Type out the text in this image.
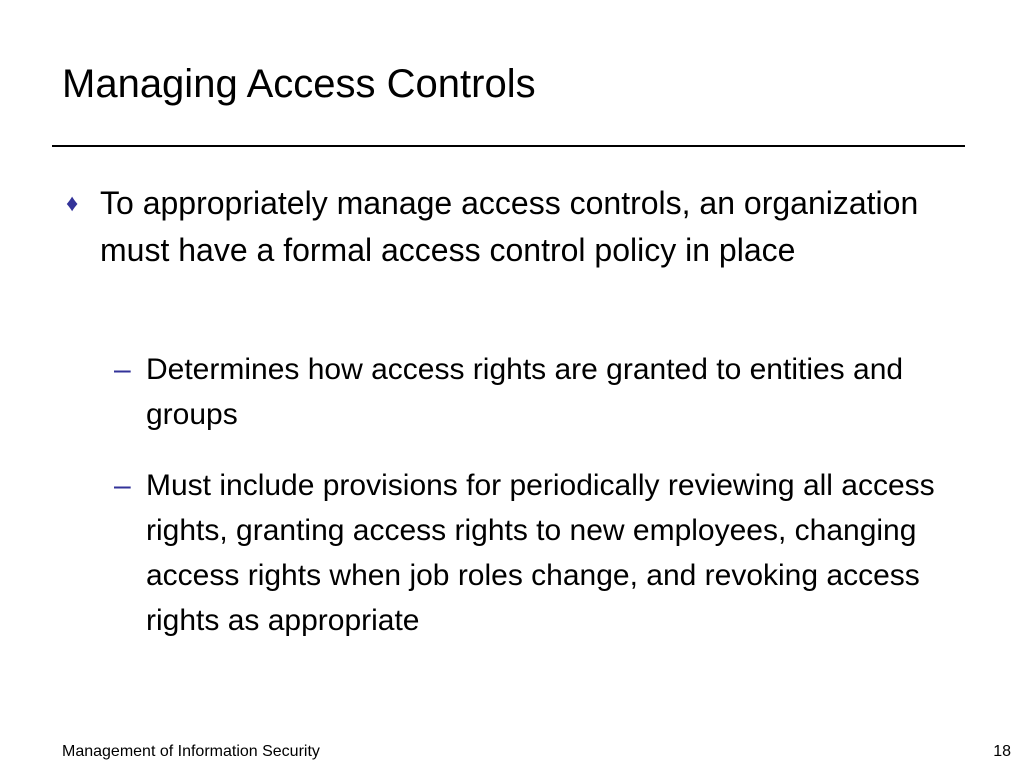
Managing Access Controls
♦ To appropriately manage access controls, an organization must have a formal access control policy in place
– Determines how access rights are granted to entities and groups
– Must include provisions for periodically reviewing all access rights, granting access rights to new employees, changing access rights when job roles change, and revoking access rights as appropriate
Management of Information Security	18
